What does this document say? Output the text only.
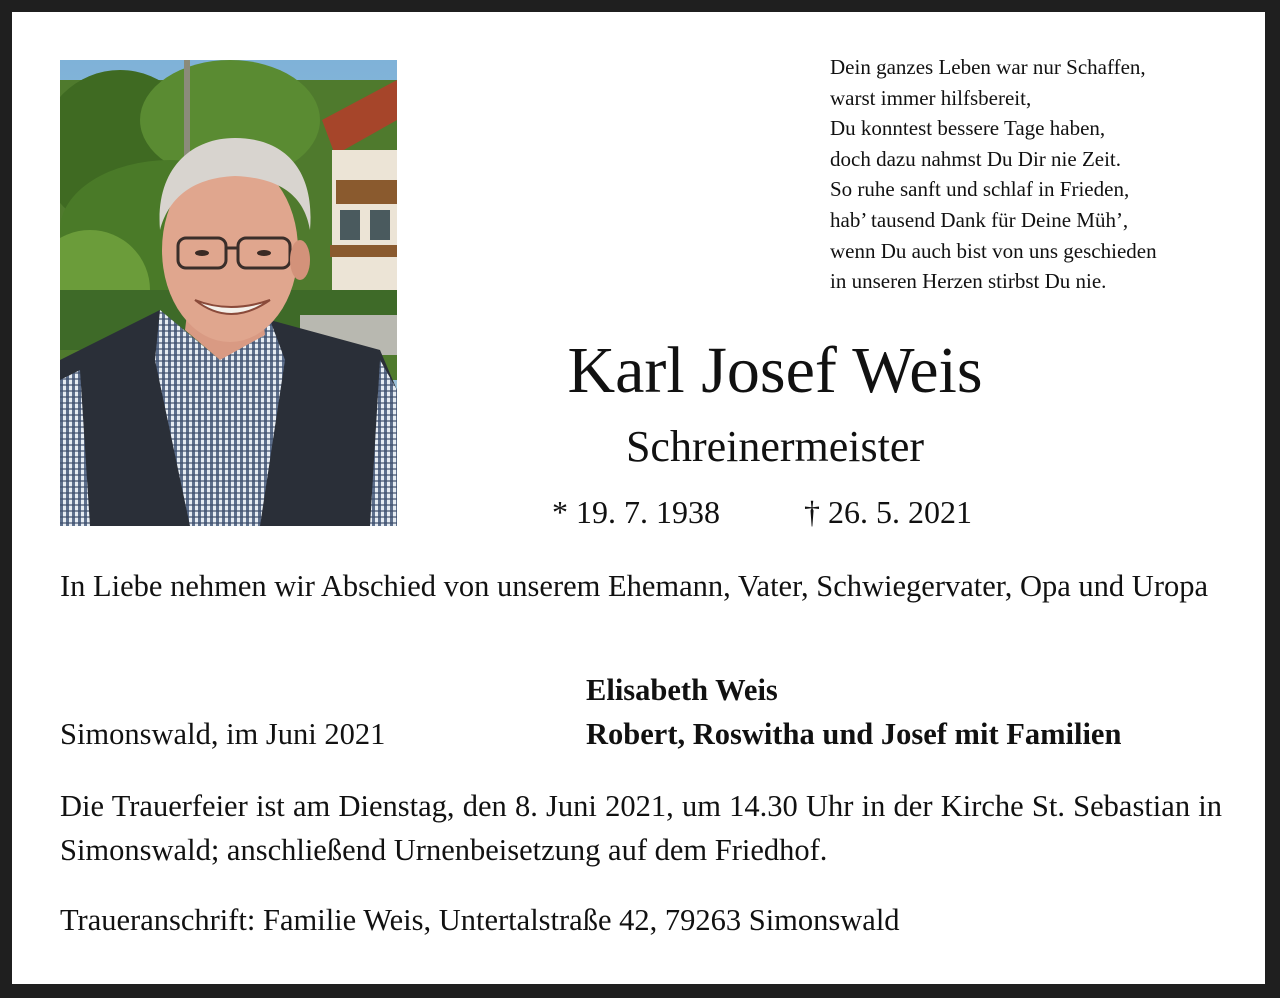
Dein ganzes Leben war nur Schaffen,
warst immer hilfsbereit,
Du konntest bessere Tage haben,
doch dazu nahmst Du Dir nie Zeit.
So ruhe sanft und schlaf in Frieden,
hab’ tausend Dank für Deine Müh’,
wenn Du auch bist von uns geschieden
in unseren Herzen stirbst Du nie.
Karl Josef Weis
Schreinermeister
* 19. 7. 1938	† 26. 5. 2021
In Liebe nehmen wir Abschied von unserem Ehemann, Vater, Schwiegervater, Opa und Uropa
Simonswald, im Juni 2021
Elisabeth Weis
Robert, Roswitha und Josef mit Familien
Die Trauerfeier ist am Dienstag, den 8. Juni 2021, um 14.30 Uhr in der Kirche St. Sebastian in Simonswald; anschließend Urnenbeisetzung auf dem Friedhof.
Traueranschrift: Familie Weis, Untertalstraße 42, 79263 Simonswald
